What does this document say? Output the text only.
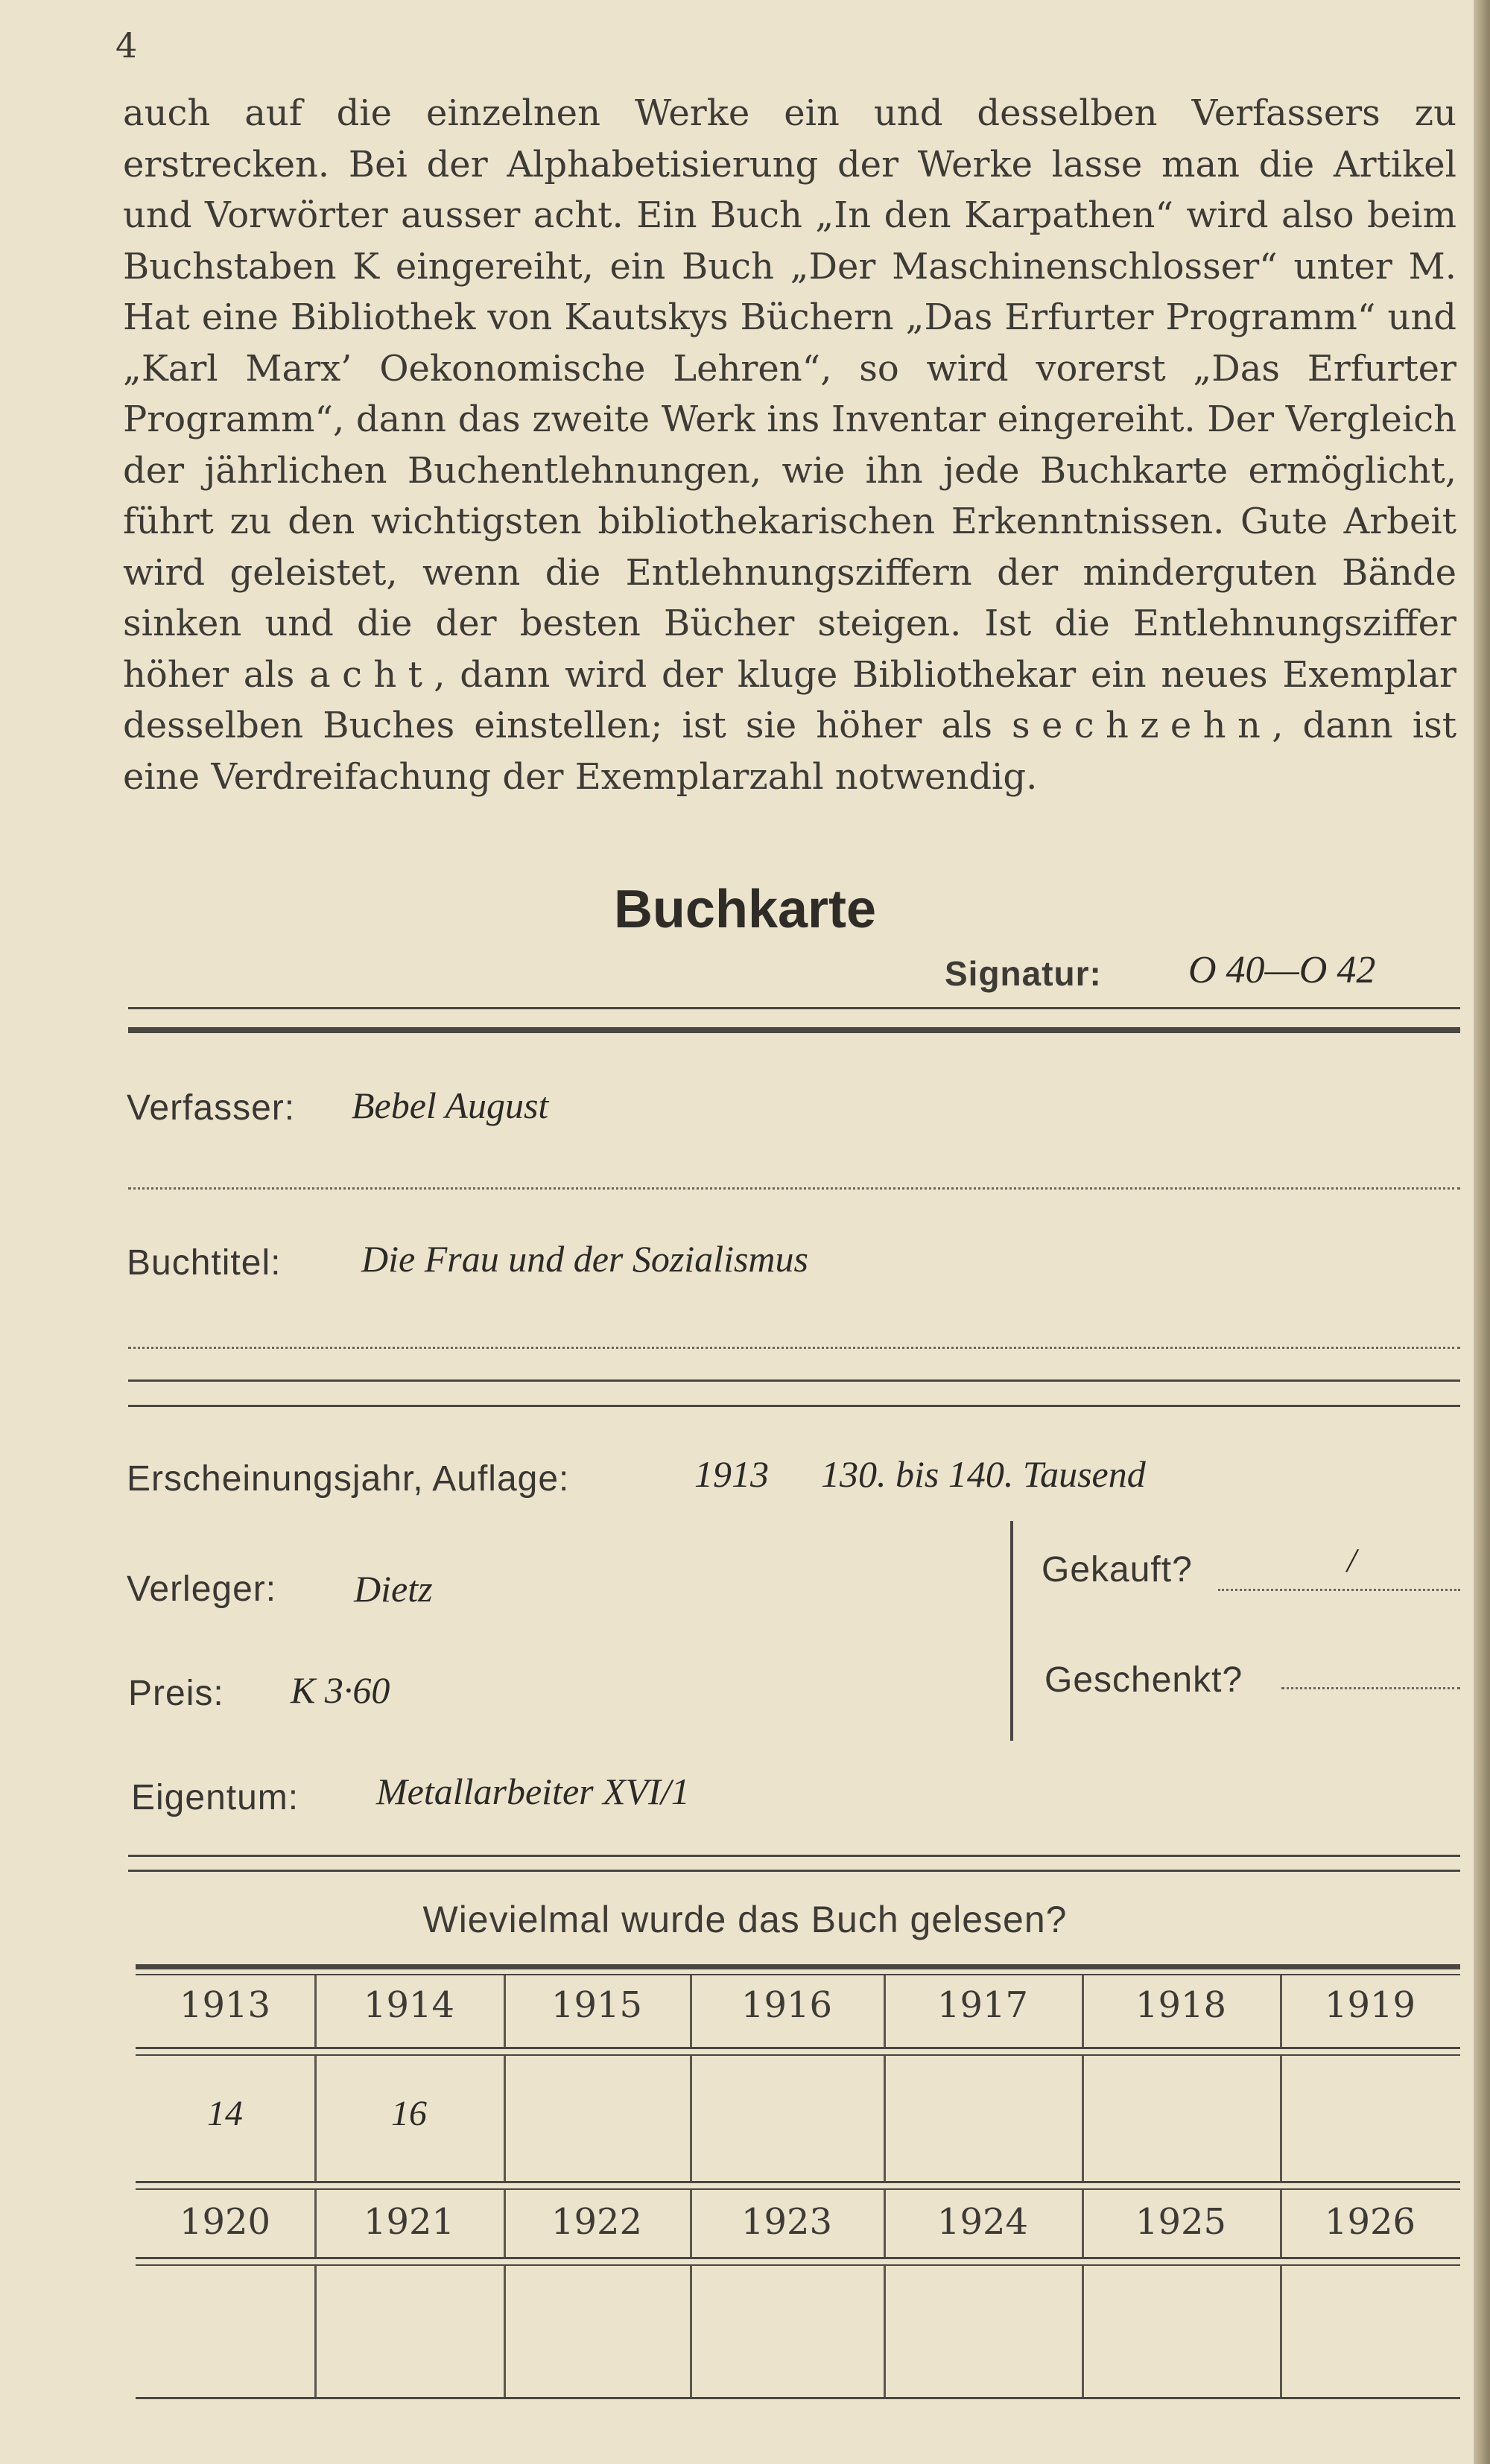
4

auch auf die einzelnen Werke ein und desselben Verfassers zu erstrecken. Bei der Alphabetisierung der Werke lasse man die Artikel und Vorwörter ausser acht. Ein Buch „In den Karpathen“ wird also beim Buchstaben K eingereiht, ein Buch „Der Maschinenschlosser“ unter M. Hat eine Bibliothek von Kautskys Büchern „Das Erfurter Programm“ und „Karl Marx’ Oekonomische Lehren“, so wird vorerst „Das Erfurter Programm“, dann das zweite Werk ins Inventar eingereiht. Der Vergleich der jährlichen Buchentlehnungen, wie ihn jede Buchkarte ermöglicht, führt zu den wichtigsten bibliothekarischen Erkenntnissen. Gute Arbeit wird geleistet, wenn die Entlehnungsziffern der minderguten Bände sinken und die der besten Bücher steigen. Ist die Entlehnungsziffer höher als acht, dann wird der kluge Bibliothekar ein neues Exemplar desselben Buches einstellen; ist sie höher als sechzehn, dann ist eine Verdreifachung der Exemplarzahl notwendig.

Buchkarte
Signatur: O 40—O 42
Verfasser: Bebel August
Buchtitel: Die Frau und der Sozialismus
Erscheinungsjahr, Auflage:	1913 130. bis 140. Tausend
Verleger: Dietz	Gekauft?	/
Preis: K 3·60	Geschenkt?
Eigentum: Metallarbeiter XVI/1
Wievielmal wurde das Buch gelesen?
1913	1914	1915	1916	1917	1918	1919
14	16
1920	1921	1922	1923	1924	1925	1926
